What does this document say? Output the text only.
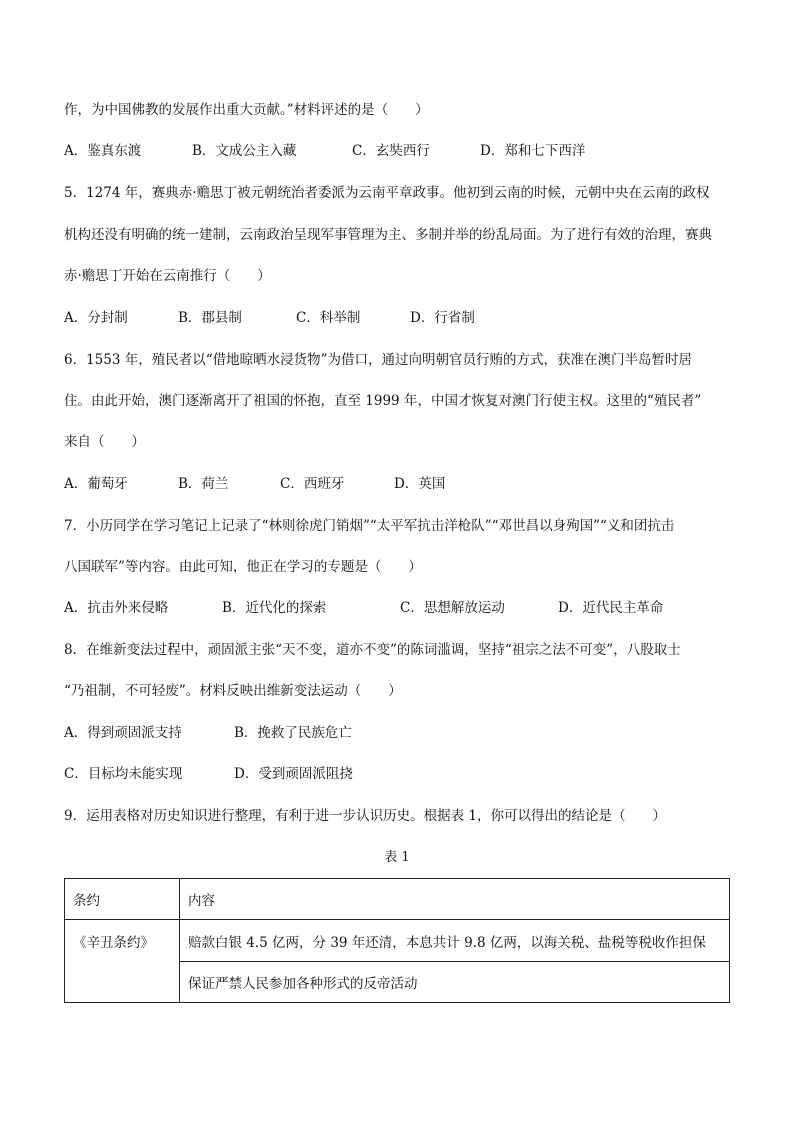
作，为中国佛教的发展作出重大贡献。”材料评述的是（　　）
A．鉴真东渡	B．文成公主入藏	C．玄奘西行	D．郑和七下西洋
5．1274 年，赛典赤·赡思丁被元朝统治者委派为云南平章政事。他初到云南的时候，元朝中央在云南的政权
机构还没有明确的统一建制，云南政治呈现军事管理为主、多制并举的纷乱局面。为了进行有效的治理，赛典
赤·赡思丁开始在云南推行（　　）
A．分封制	B．郡县制	C．科举制	D．行省制
6．1553 年，殖民者以“借地晾晒水浸货物”为借口，通过向明朝官员行贿的方式，获准在澳门半岛暂时居
住。由此开始，澳门逐渐离开了祖国的怀抱，直至 1999 年，中国才恢复对澳门行使主权。这里的“殖民者”
来自（　　）
A．葡萄牙	B．荷兰	C．西班牙	D．英国
7．小历同学在学习笔记上记录了“林则徐虎门销烟”“太平军抗击洋枪队”“邓世昌以身殉国”“义和团抗击
八国联军”等内容。由此可知，他正在学习的专题是（　　）
A．抗击外来侵略	B．近代化的探索	C．思想解放运动	D．近代民主革命
8．在维新变法过程中，顽固派主张“天不变，道亦不变”的陈词滥调，坚持“祖宗之法不可变”，八股取士
“乃祖制，不可轻废”。材料反映出维新变法运动（　　）
A．得到顽固派支持	B．挽救了民族危亡
C．目标均未能实现	D．受到顽固派阻挠
9．运用表格对历史知识进行整理，有利于进一步认识历史。根据表 1，你可以得出的结论是（　　）
表 1
条约	内容
《辛丑条约》	赔款白银 4.5 亿两，分 39 年还清，本息共计 9.8 亿两，以海关税、盐税等税收作担保
	保证严禁人民参加各种形式的反帝活动
